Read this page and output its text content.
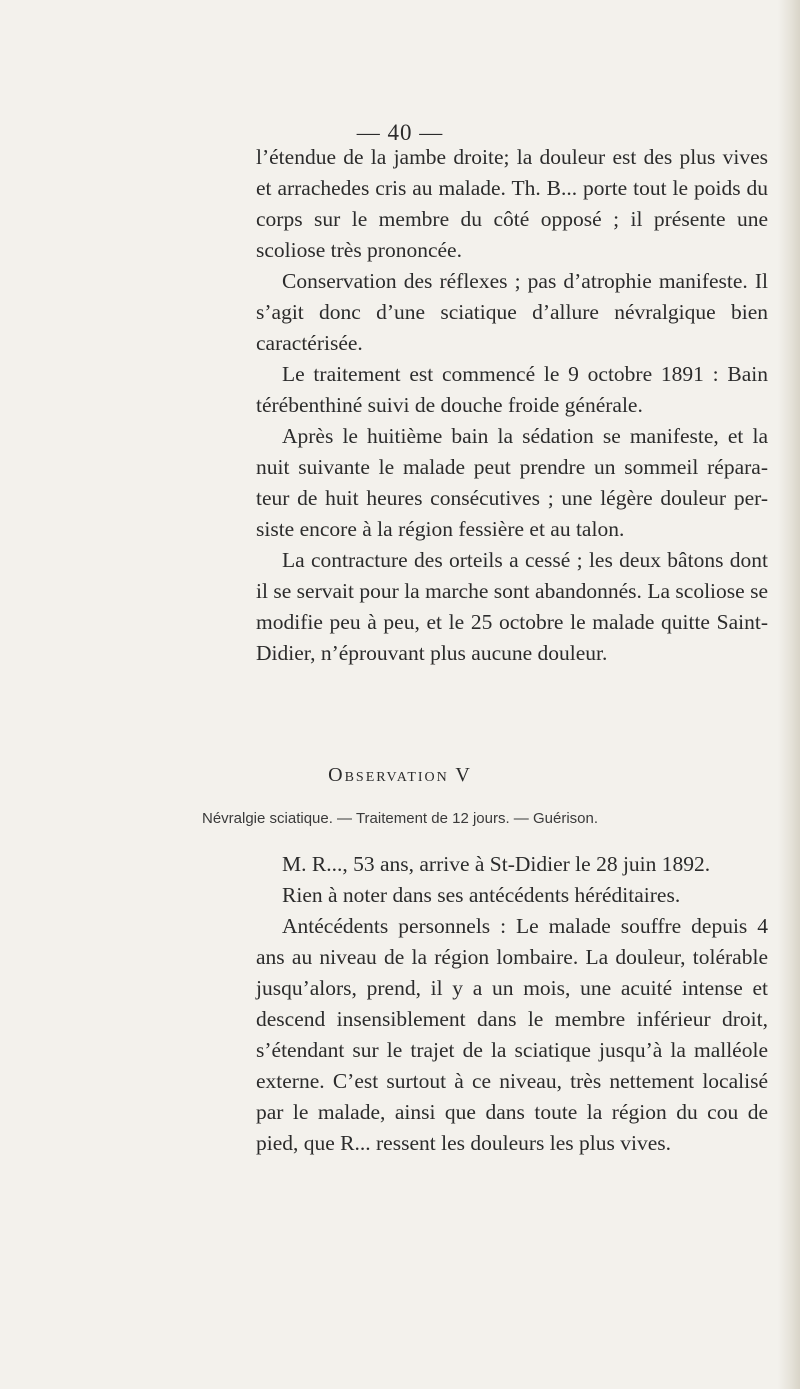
— 40 —

l’étendue de la jambe droite; la douleur est des plus vives et arrachedes cris au malade. Th. B... porte tout le poids du corps sur le membre du côté opposé ; il présente une scoliose très prononcée.

Conservation des réflexes ; pas d’atrophie manifeste. Il s’agit donc d’une sciatique d’allure névralgique bien caractérisée.

Le traitement est commencé le 9 octobre 1891 : Bain térébenthiné suivi de douche froide générale.

Après le huitième bain la sédation se manifeste, et la nuit suivante le malade peut prendre un sommeil répara-teur de huit heures consécutives ; une légère douleur per-siste encore à la région fessière et au talon.

La contracture des orteils a cessé ; les deux bâtons dont il se servait pour la marche sont abandonnés. La scoliose se modifie peu à peu, et le 25 octobre le malade quitte Saint-Didier, n’éprouvant plus aucune douleur.

Observation V
Névralgie sciatique. — Traitement de 12 jours. — Guérison.

M. R..., 53 ans, arrive à St-Didier le 28 juin 1892.

Rien à noter dans ses antécédents héréditaires.

Antécédents personnels : Le malade souffre depuis 4 ans au niveau de la région lombaire. La douleur, tolérable jusqu’alors, prend, il y a un mois, une acuité intense et descend insensiblement dans le membre inférieur droit, s’étendant sur le trajet de la sciatique jusqu’à la malléole externe. C’est surtout à ce niveau, très nettement localisé par le malade, ainsi que dans toute la région du cou de pied, que R... ressent les douleurs les plus vives.
